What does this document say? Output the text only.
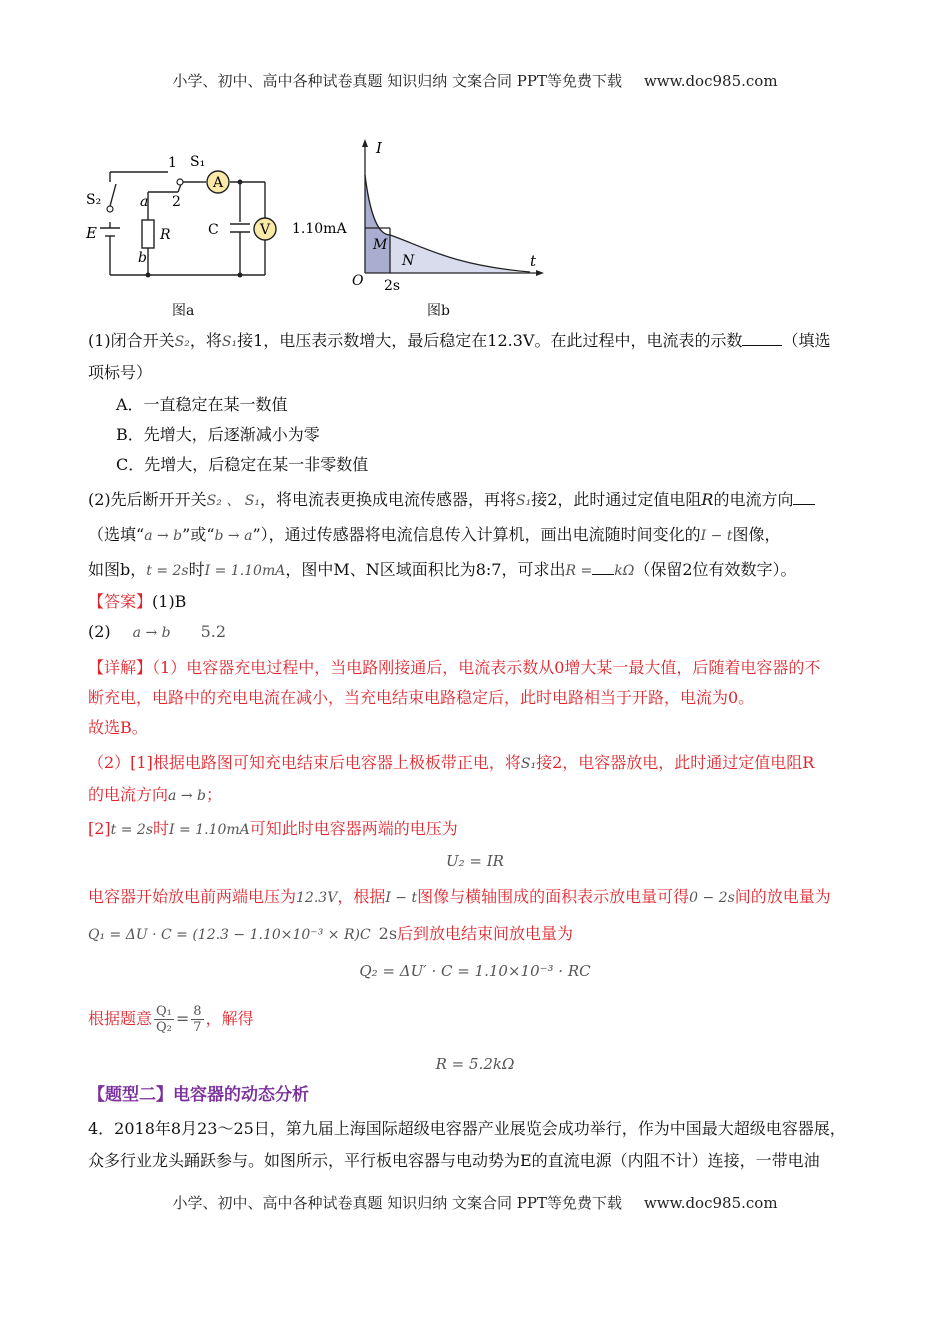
小学、初中、高中各种试卷真题 知识归纳 文案合同 PPT等免费下载 www.doc985.com
A
V
S₁
1
2
S₂
E
a
b
R	C
图a
I
t
O
1.10mA
2s
M
N
图b
(1)闭合开关S₂，将S₁接1，电压表示数增大，最后稳定在12.3V。在此过程中，电流表的示数	（填选
项标号）
A．一直稳定在某一数值
B．先增大，后逐渐减小为零
C．先增大，后稳定在某一非零数值
(2)先后断开开关S₂ 、 S₁，将电流表更换成电流传感器，再将S₁接2，此时通过定值电阻R的电流方向
（选填“a → b”或“b → a”），通过传感器将电流信息传入计算机，画出电流随时间变化的I − t图像，
如图b，t = 2s时I = 1.10mA，图中M、N区域面积比为8:7，可求出R = kΩ（保留2位有效数字）。
【答案】(1)B
(2) a → b 5.2
【详解】（1）电容器充电过程中，当电路刚接通后，电流表示数从0增大某一最大值，后随着电容器的不
断充电，电路中的充电电流在减小，当充电结束电路稳定后，此时电路相当于开路，电流为0。
故选B。
（2）[1]根据电路图可知充电结束后电容器上极板带正电，将S₁接2，电容器放电，此时通过定值电阻R
的电流方向a → b；
[2]t = 2s时I = 1.10mA可知此时电容器两端的电压为
U₂ = IR
电容器开始放电前两端电压为12.3V，根据I − t图像与横轴围成的面积表示放电量可得0 − 2s间的放电量为
Q₁ = ΔU · C = (12.3 − 1.10×10⁻³ × R)C 2s后到放电结束间放电量为
Q₂ = ΔU′ · C = 1.10×10⁻³ · RC
根据题意 $\frac{\text{Q₁}}{\text{Q₂}} = \frac{8}{7}$ ，解得
R = 5.2kΩ
【题型二】电容器的动态分析
4．2018年8月23～25日，第九届上海国际超级电容器产业展览会成功举行，作为中国最大超级电容器展，
众多行业龙头踊跃参与。如图所示，平行板电容器与电动势为E的直流电源（内阻不计）连接，一带电油
小学、初中、高中各种试卷真题 知识归纳 文案合同 PPT等免费下载 www.doc985.com
